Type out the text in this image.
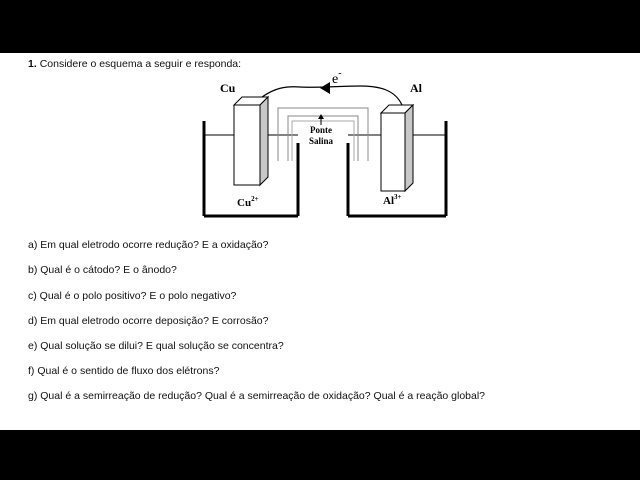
1. Considere o esquema a seguir e responda:
Cu	Al
e-
Ponte
Salina
$Cu^{2+}$	$Al^{3+}$
a) Em qual eletrodo ocorre redução? E a oxidação?
b) Qual é o cátodo? E o ânodo?
c) Qual é o polo positivo? E o polo negativo?
d) Em qual eletrodo ocorre deposição? E corrosão?
e) Qual solução se dilui? E qual solução se concentra?
f) Qual é o sentido de fluxo dos elétrons?
g) Qual é a semirreação de redução? Qual é a semirreação de oxidação? Qual é a reação global?
